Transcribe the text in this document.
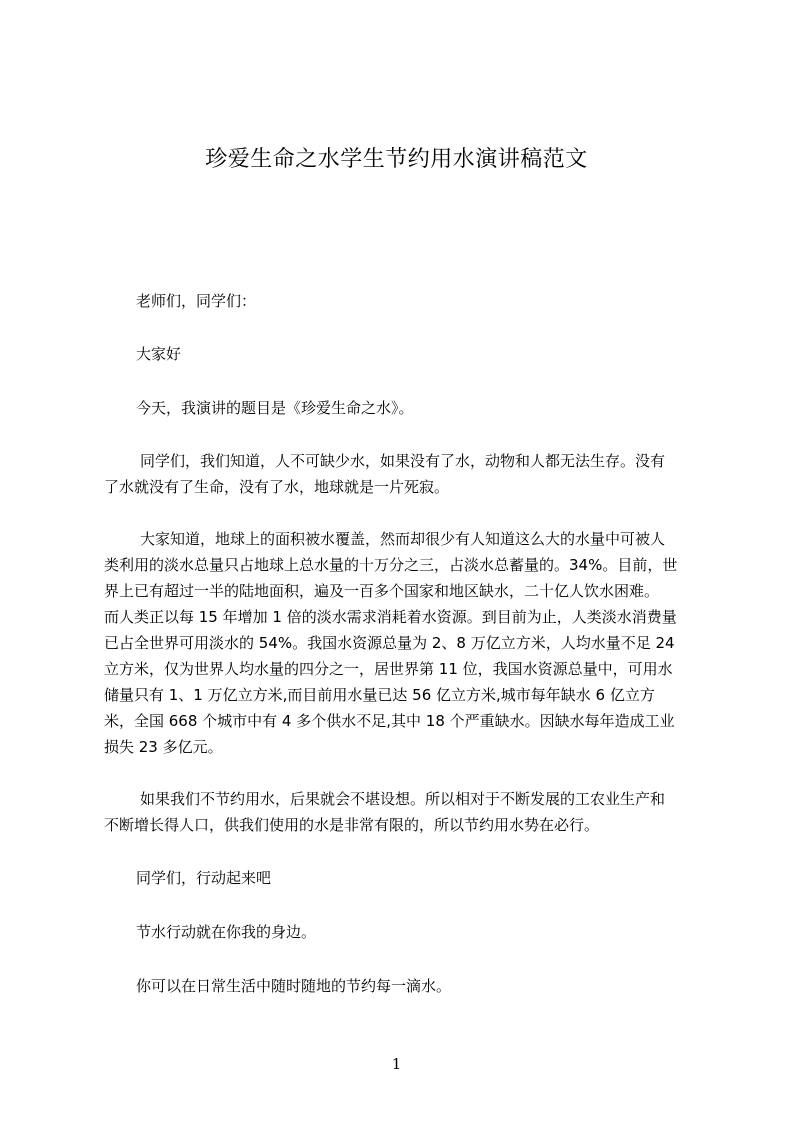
珍爱生命之水学生节约用水演讲稿范文
老师们，同学们：
大家好
今天，我演讲的题目是《珍爱生命之水》。
同学们，我们知道，人不可缺少水，如果没有了水，动物和人都无法生存。没有
了水就没有了生命，没有了水，地球就是一片死寂。
大家知道，地球上的面积被水覆盖，然而却很少有人知道这么大的水量中可被人
类利用的淡水总量只占地球上总水量的十万分之三，占淡水总蓄量的。34%。目前，世
界上已有超过一半的陆地面积，遍及一百多个国家和地区缺水，二十亿人饮水困难。
而人类正以每 15 年增加 1 倍的淡水需求消耗着水资源。到目前为止，人类淡水消费量
已占全世界可用淡水的 54%。我国水资源总量为 2、8 万亿立方米，人均水量不足 24
立方米，仅为世界人均水量的四分之一，居世界第 11 位，我国水资源总量中，可用水
储量只有 1、1 万亿立方米,而目前用水量已达 56 亿立方米,城市每年缺水 6 亿立方
米，全国 668 个城市中有 4 多个供水不足,其中 18 个严重缺水。因缺水每年造成工业
损失 23 多亿元。
如果我们不节约用水，后果就会不堪设想。所以相对于不断发展的工农业生产和
不断增长得人口，供我们使用的水是非常有限的，所以节约用水势在必行。
同学们，行动起来吧
节水行动就在你我的身边。
你可以在日常生活中随时随地的节约每一滴水。
1
